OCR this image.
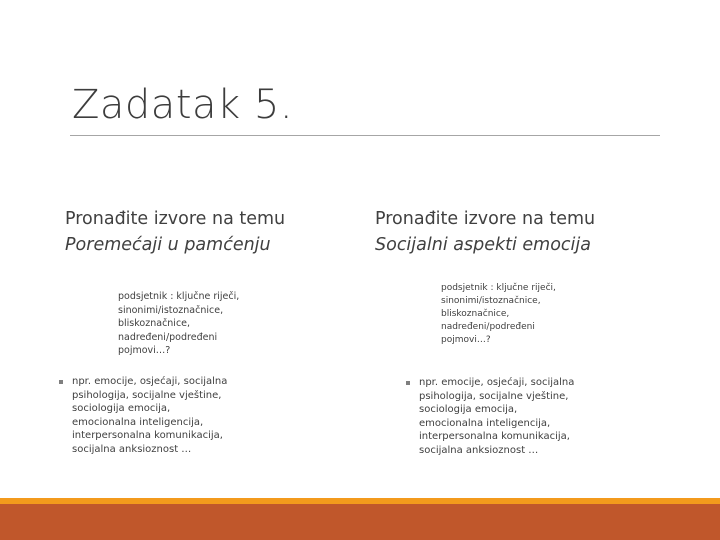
Zadatak 5.
Pronađite izvore na temu
Poremećaji u pamćenju
Pronađite izvore na temu
Socijalni aspekti emocija
podsjetnik : ključne riječi,
sinonimi/istoznačnice,
bliskoznačnice,
nadređeni/podređeni
pojmovi…?
podsjetnik : ključne riječi,
sinonimi/istoznačnice,
bliskoznačnice,
nadređeni/podređeni
pojmovi…?
npr. emocije, osjećaji, socijalna
psihologija, socijalne vještine,
sociologija emocija,
emocionalna inteligencija,
interpersonalna komunikacija,
socijalna anksioznost …
npr. emocije, osjećaji, socijalna
psihologija, socijalne vještine,
sociologija emocija,
emocionalna inteligencija,
interpersonalna komunikacija,
socijalna anksioznost …
